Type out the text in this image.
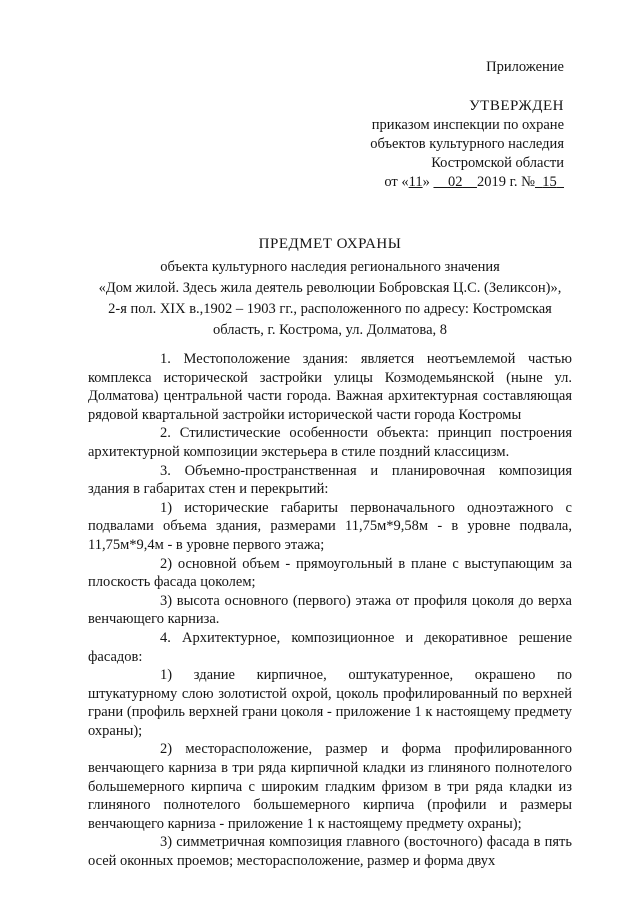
Приложение
УТВЕРЖДЕН
приказом инспекции по охране
объектов культурного наследия
Костромской области
от «11»     02 2019 г. № 15
ПРЕДМЕТ ОХРАНЫ
объекта культурного наследия регионального значения
«Дом жилой. Здесь жила деятель революции Бобровская Ц.С. (Зеликсон)»,
2-я пол. XIX в.,1902 – 1903 гг., расположенного по адресу: Костромская
область, г. Кострома, ул. Долматова, 8

1. Местоположение здания: является неотъемлемой частью комплекса исторической застройки улицы Козмодемьянской (ныне ул. Долматова) центральной части города. Важная архитектурная составляющая рядовой квартальной застройки исторической части города Костромы

2. Стилистические особенности объекта: принцип построения архитектурной композиции экстерьера в стиле поздний классицизм.

3. Объемно-пространственная и планировочная композиция здания в габаритах стен и перекрытий:

1) исторические габариты первоначального одноэтажного с подвалами объема здания, размерами 11,75м*9,58м - в уровне подвала, 11,75м*9,4м - в уровне первого этажа;

2) основной объем - прямоугольный в плане с выступающим за плоскость фасада цоколем;

3) высота основного (первого) этажа от профиля цоколя до верха венчающего карниза.

4. Архитектурное, композиционное и декоративное решение фасадов:

1) здание кирпичное, оштукатуренное, окрашено по штукатурному слою золотистой охрой, цоколь профилированный по верхней грани (профиль верхней грани цоколя - приложение 1 к настоящему предмету охраны);

2) месторасположение, размер и форма профилированного венчающего карниза в три ряда кирпичной кладки из глиняного полнотелого большемерного кирпича с широким гладким фризом в три ряда кладки из глиняного полнотелого большемерного кирпича (профили и размеры венчающего карниза - приложение 1 к настоящему предмету охраны);

3) симметричная композиция главного (восточного) фасада в пять осей оконных проемов; месторасположение, размер и форма двух
